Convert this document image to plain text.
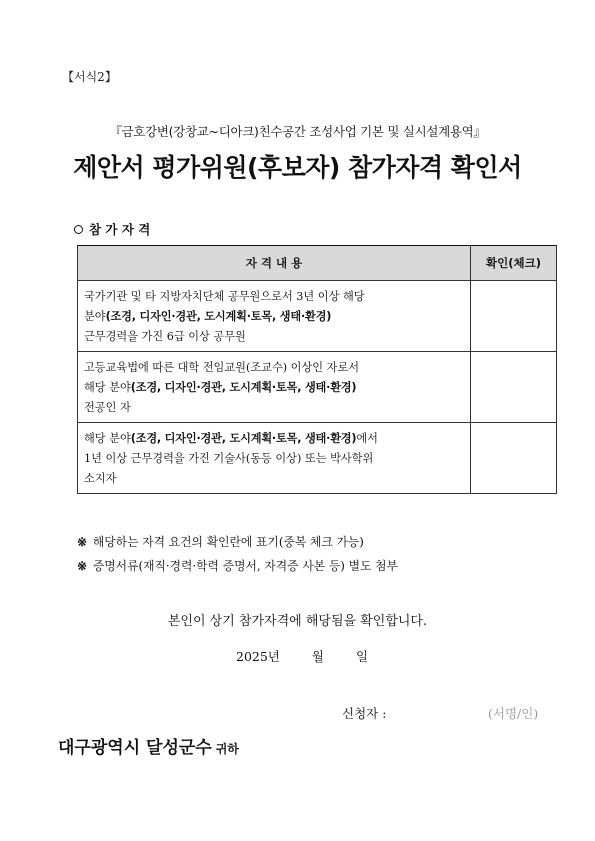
【서식2】
『금호강변(강창교~디아크)친수공간 조성사업 기본 및 실시설계용역』
제안서 평가위원(후보자) 참가자격 확인서
참 가 자 격
자 격 내 용	확인(체크)
국가기관 및 타 지방자치단체 공무원으로서 3년 이상 해당
분야(조경, 디자인·경관, 도시계획·토목, 생태·환경)
근무경력을 가진 6급 이상 공무원	
고등교육법에 따른 대학 전임교원(조교수) 이상인 자로서
해당 분야(조경, 디자인·경관, 도시계획·토목, 생태·환경)
전공인 자	
해당 분야(조경, 디자인·경관, 도시계획·토목, 생태·환경)에서
1년 이상 근무경력을 가진 기술사(동등 이상) 또는 박사학위
소지자	
※ 해당하는 자격 요건의 확인란에 표기(중복 체크 가능)
※ 증명서류(재직·경력·학력 증명서, 자격증 사본 등) 별도 첨부
본인이 상기 참가자격에 해당됨을 확인합니다.
2025년	월	일
신청자 :	(서명/인)
대구광역시 달성군수 귀하
